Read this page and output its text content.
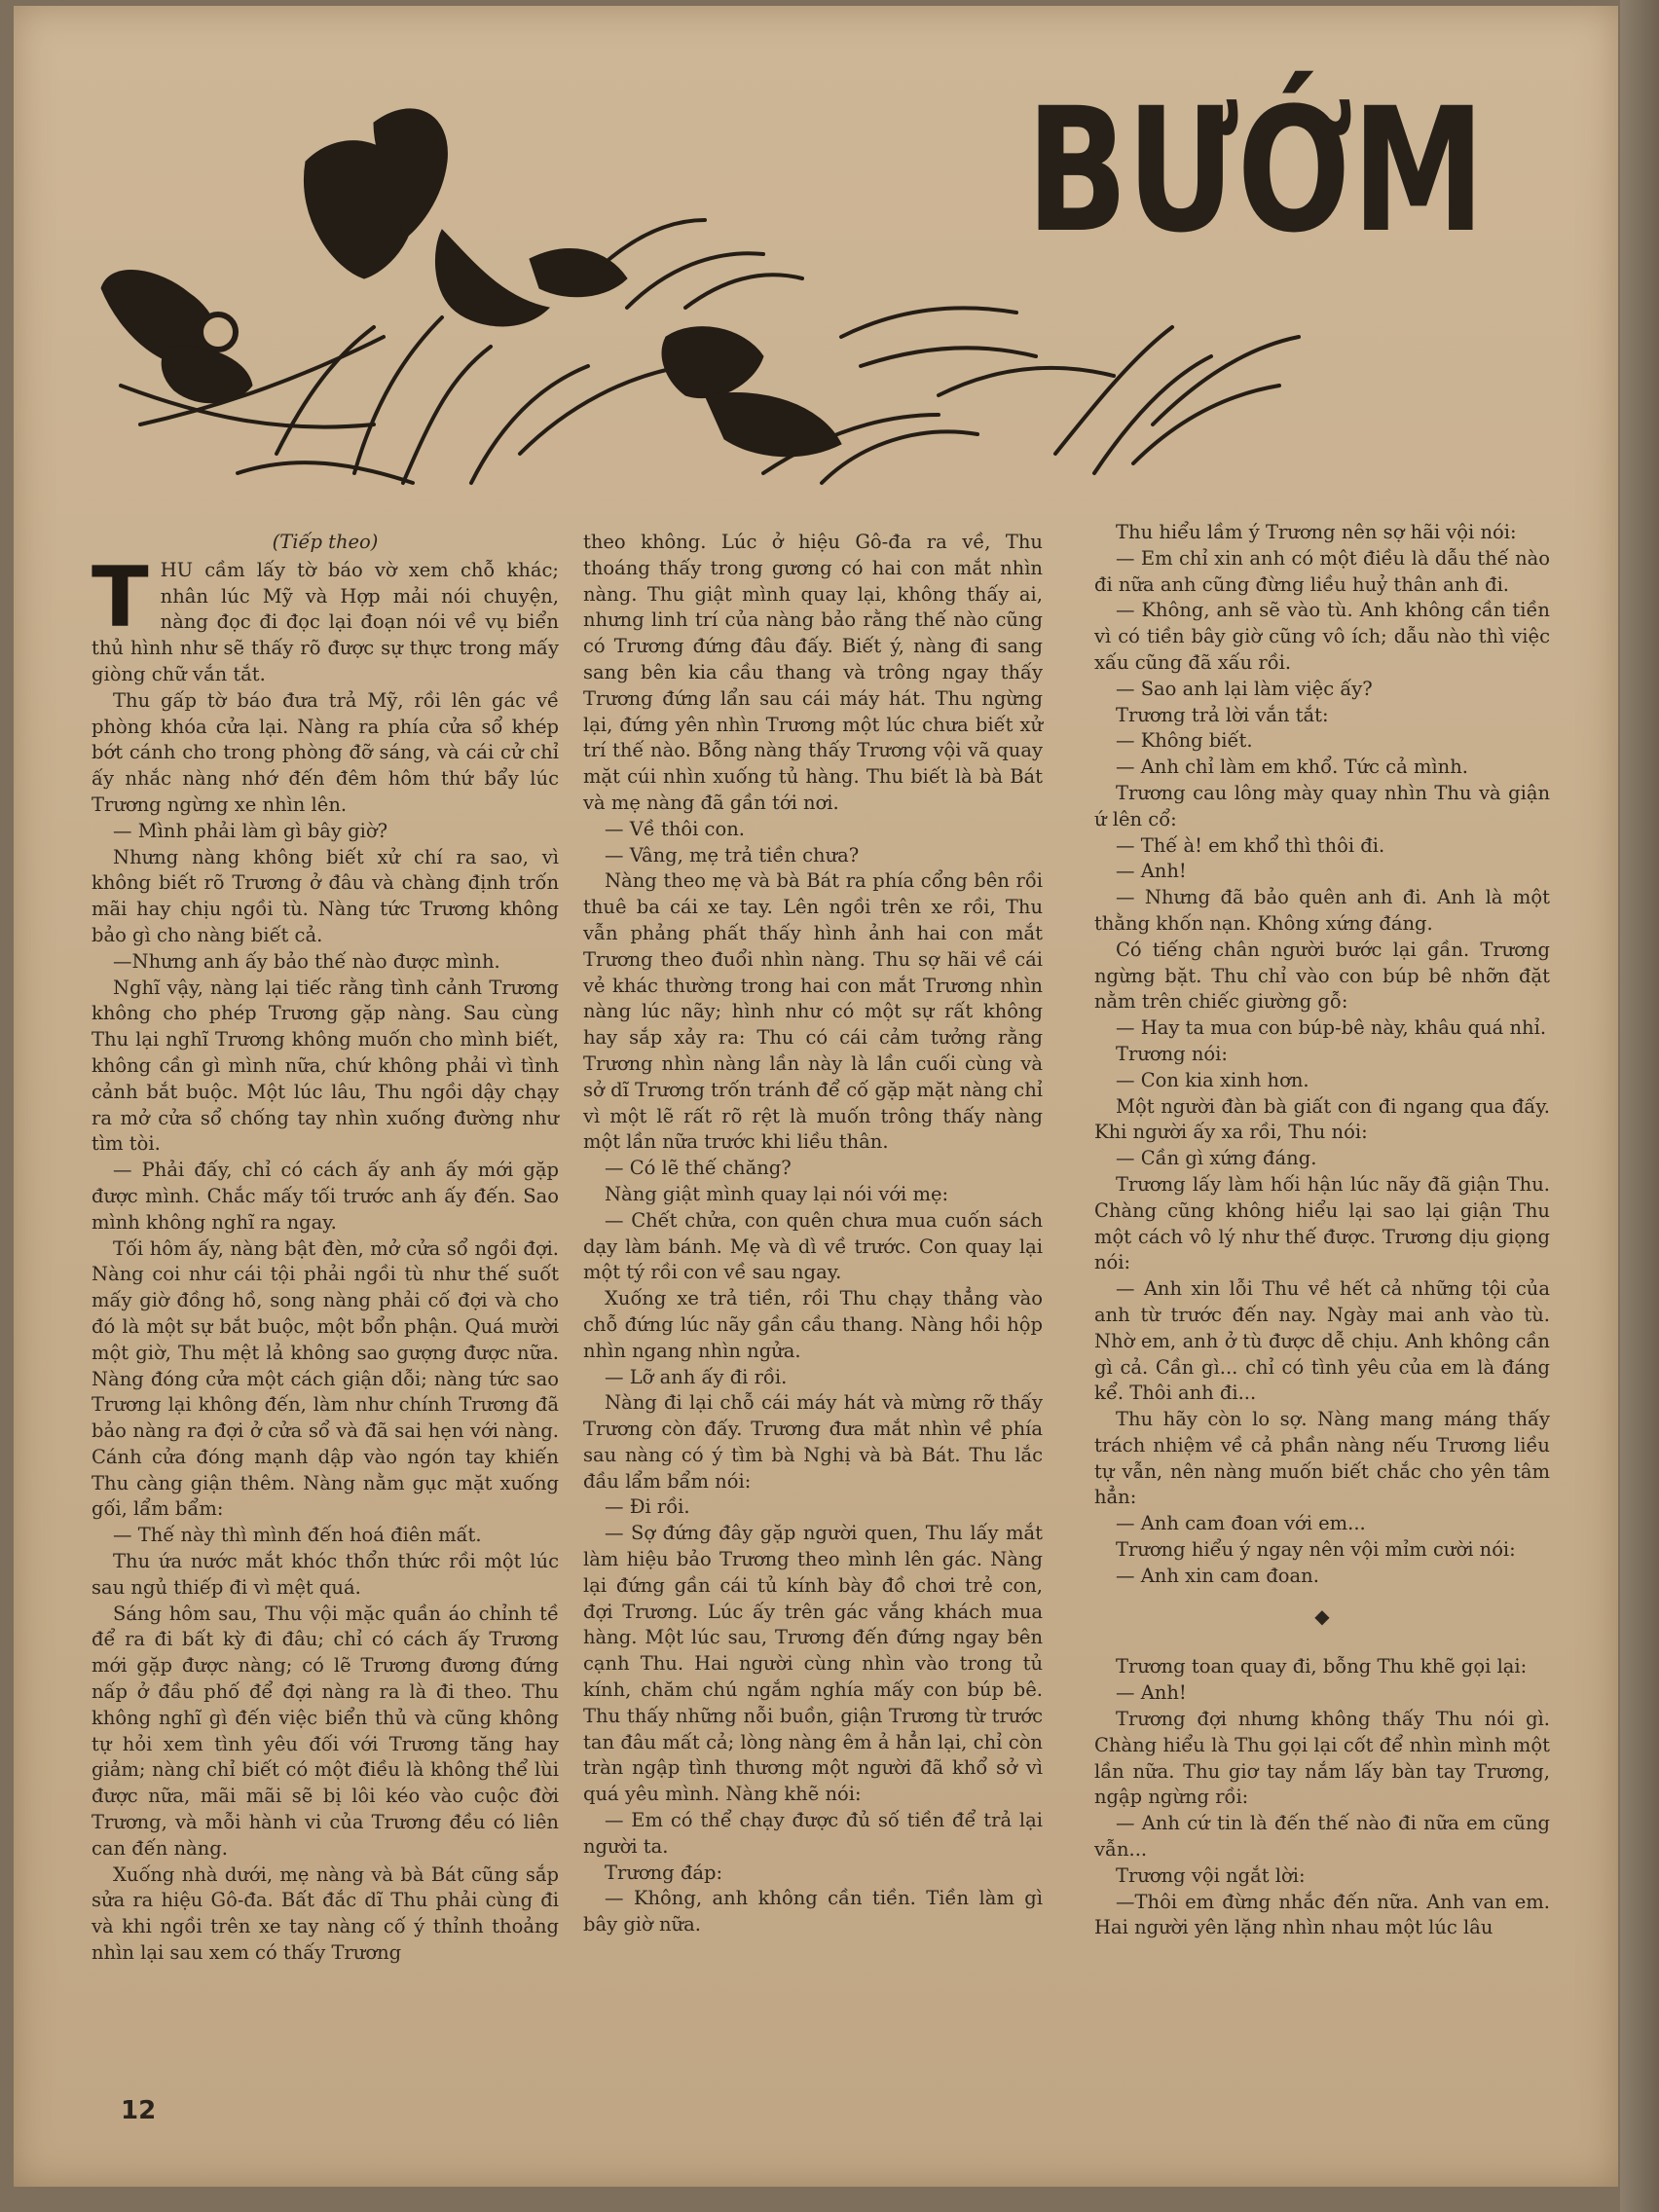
BƯỚM

(Tiếp theo)

THU cầm lấy tờ báo vờ xem chỗ khác; nhân lúc Mỹ và Hợp mải nói chuyện, nàng đọc đi đọc lại đoạn nói về vụ biển thủ hình như sẽ thấy rõ được sự thực trong mấy giòng chữ vắn tắt.

Thu gấp tờ báo đưa trả Mỹ, rồi lên gác về phòng khóa cửa lại. Nàng ra phía cửa sổ khép bớt cánh cho trong phòng đỡ sáng, và cái cử chỉ ấy nhắc nàng nhớ đến đêm hôm thứ bẩy lúc Trương ngừng xe nhìn lên.

— Mình phải làm gì bây giờ?

Nhưng nàng không biết xử chí ra sao, vì không biết rõ Trương ở đâu và chàng định trốn mãi hay chịu ngồi tù. Nàng tức Trương không bảo gì cho nàng biết cả.

—Nhưng anh ấy bảo thế nào được mình.

Nghĩ vậy, nàng lại tiếc rằng tình cảnh Trương không cho phép Trương gặp nàng. Sau cùng Thu lại nghĩ Trương không muốn cho mình biết, không cần gì mình nữa, chứ không phải vì tình cảnh bắt buộc. Một lúc lâu, Thu ngồi dậy chạy ra mở cửa sổ chống tay nhìn xuống đường như tìm tòi.

— Phải đấy, chỉ có cách ấy anh ấy mới gặp được mình. Chắc mấy tối trước anh ấy đến. Sao mình không nghĩ ra ngay.

Tối hôm ấy, nàng bật đèn, mở cửa sổ ngồi đợi. Nàng coi như cái tội phải ngồi tù như thế suốt mấy giờ đồng hồ, song nàng phải cố đợi và cho đó là một sự bắt buộc, một bổn phận. Quá mười một giờ, Thu mệt lả không sao gượng được nữa. Nàng đóng cửa một cách giận dỗi; nàng tức sao Trương lại không đến, làm như chính Trương đã bảo nàng ra đợi ở cửa sổ và đã sai hẹn với nàng. Cánh cửa đóng mạnh dập vào ngón tay khiến Thu càng giận thêm. Nàng nằm gục mặt xuống gối, lẩm bẩm:

— Thế này thì mình đến hoá điên mất.

Thu ứa nước mắt khóc thổn thức rồi một lúc sau ngủ thiếp đi vì mệt quá.

Sáng hôm sau, Thu vội mặc quần áo chỉnh tề để ra đi bất kỳ đi đâu; chỉ có cách ấy Trương mới gặp được nàng; có lẽ Trương đương đứng nấp ở đầu phố để đợi nàng ra là đi theo. Thu không nghĩ gì đến việc biển thủ và cũng không tự hỏi xem tình yêu đối với Trương tăng hay giảm; nàng chỉ biết có một điều là không thể lùi được nữa, mãi mãi sẽ bị lôi kéo vào cuộc đời Trương, và mỗi hành vi của Trương đều có liên can đến nàng.

Xuống nhà dưới, mẹ nàng và bà Bát cũng sắp sửa ra hiệu Gô-đa. Bất đắc dĩ Thu phải cùng đi và khi ngồi trên xe tay nàng cố ý thỉnh thoảng nhìn lại sau xem có thấy Trương

theo không. Lúc ở hiệu Gô-đa ra về, Thu thoáng thấy trong gương có hai con mắt nhìn nàng. Thu giật mình quay lại, không thấy ai, nhưng linh trí của nàng bảo rằng thế nào cũng có Trương đứng đâu đấy. Biết ý, nàng đi sang sang bên kia cầu thang và trông ngay thấy Trương đứng lẩn sau cái máy hát. Thu ngừng lại, đứng yên nhìn Trương một lúc chưa biết xử trí thế nào. Bỗng nàng thấy Trương vội vã quay mặt cúi nhìn xuống tủ hàng. Thu biết là bà Bát và mẹ nàng đã gần tới nơi.

— Về thôi con.

— Vâng, mẹ trả tiền chưa?

Nàng theo mẹ và bà Bát ra phía cổng bên rồi thuê ba cái xe tay. Lên ngồi trên xe rồi, Thu vẫn phảng phất thấy hình ảnh hai con mắt Trương theo đuổi nhìn nàng. Thu sợ hãi về cái vẻ khác thường trong hai con mắt Trương nhìn nàng lúc nãy; hình như có một sự rất không hay sắp xảy ra: Thu có cái cảm tưởng rằng Trương nhìn nàng lần này là lần cuối cùng và sở dĩ Trương trốn tránh để cố gặp mặt nàng chỉ vì một lẽ rất rõ rệt là muốn trông thấy nàng một lần nữa trước khi liều thân.

— Có lẽ thế chăng?

Nàng giật mình quay lại nói với mẹ:

— Chết chửa, con quên chưa mua cuốn sách dạy làm bánh. Mẹ và dì về trước. Con quay lại một tý rồi con về sau ngay.

Xuống xe trả tiền, rồi Thu chạy thẳng vào chỗ đứng lúc nãy gần cầu thang. Nàng hồi hộp nhìn ngang nhìn ngửa.

— Lỡ anh ấy đi rồi.

Nàng đi lại chỗ cái máy hát và mừng rỡ thấy Trương còn đấy. Trương đưa mắt nhìn về phía sau nàng có ý tìm bà Nghị và bà Bát. Thu lắc đầu lẩm bẩm nói:

— Đi rồi.

— Sợ đứng đây gặp người quen, Thu lấy mắt làm hiệu bảo Trương theo mình lên gác. Nàng lại đứng gần cái tủ kính bày đồ chơi trẻ con, đợi Trương. Lúc ấy trên gác vắng khách mua hàng. Một lúc sau, Trương đến đứng ngay bên cạnh Thu. Hai người cùng nhìn vào trong tủ kính, chăm chú ngắm nghía mấy con búp bê. Thu thấy những nỗi buồn, giận Trương từ trước tan đâu mất cả; lòng nàng êm ả hẳn lại, chỉ còn tràn ngập tình thương một người đã khổ sở vì quá yêu mình. Nàng khẽ nói:

— Em có thể chạy được đủ số tiền để trả lại người ta.

Trương đáp:

— Không, anh không cần tiền. Tiền làm gì bây giờ nữa.

Thu hiểu lầm ý Trương nên sợ hãi vội nói:

— Em chỉ xin anh có một điều là dẫu thế nào đi nữa anh cũng đừng liều huỷ thân anh đi.

— Không, anh sẽ vào tù. Anh không cần tiền vì có tiền bây giờ cũng vô ích; dẫu nào thì việc xấu cũng đã xấu rồi.

— Sao anh lại làm việc ấy?

Trương trả lời vắn tắt:

— Không biết.

— Anh chỉ làm em khổ. Tức cả mình.

Trương cau lông mày quay nhìn Thu và giận ứ lên cổ:

— Thế à! em khổ thì thôi đi.

— Anh!

— Nhưng đã bảo quên anh đi. Anh là một thằng khốn nạn. Không xứng đáng.

Có tiếng chân người bước lại gần. Trương ngừng bặt. Thu chỉ vào con búp bê nhỡn đặt nằm trên chiếc giường gỗ:

— Hay ta mua con búp-bê này, khâu quá nhỉ.

Trương nói:

— Con kia xinh hơn.

Một người đàn bà giất con đi ngang qua đấy. Khi người ấy xa rồi, Thu nói:

— Cần gì xứng đáng.

Trương lấy làm hối hận lúc nãy đã giận Thu. Chàng cũng không hiểu lại sao lại giận Thu một cách vô lý như thế được. Trương dịu giọng nói:

— Anh xin lỗi Thu về hết cả những tội của anh từ trước đến nay. Ngày mai anh vào tù. Nhờ em, anh ở tù được dễ chịu. Anh không cần gì cả. Cần gì... chỉ có tình yêu của em là đáng kể. Thôi anh đi...

Thu hãy còn lo sợ. Nàng mang máng thấy trách nhiệm về cả phần nàng nếu Trương liều tự vẫn, nên nàng muốn biết chắc cho yên tâm hẳn:

— Anh cam đoan với em...

Trương hiểu ý ngay nên vội mỉm cười nói:

— Anh xin cam đoan.

◆

Trương toan quay đi, bỗng Thu khẽ gọi lại:

— Anh!

Trương đợi nhưng không thấy Thu nói gì. Chàng hiểu là Thu gọi lại cốt để nhìn mình một lần nữa. Thu giơ tay nắm lấy bàn tay Trương, ngập ngừng rồi:

— Anh cứ tin là đến thế nào đi nữa em cũng vẫn...

Trương vội ngắt lời:

—Thôi em đừng nhắc đến nữa. Anh van em. Hai người yên lặng nhìn nhau một lúc lâu

12
